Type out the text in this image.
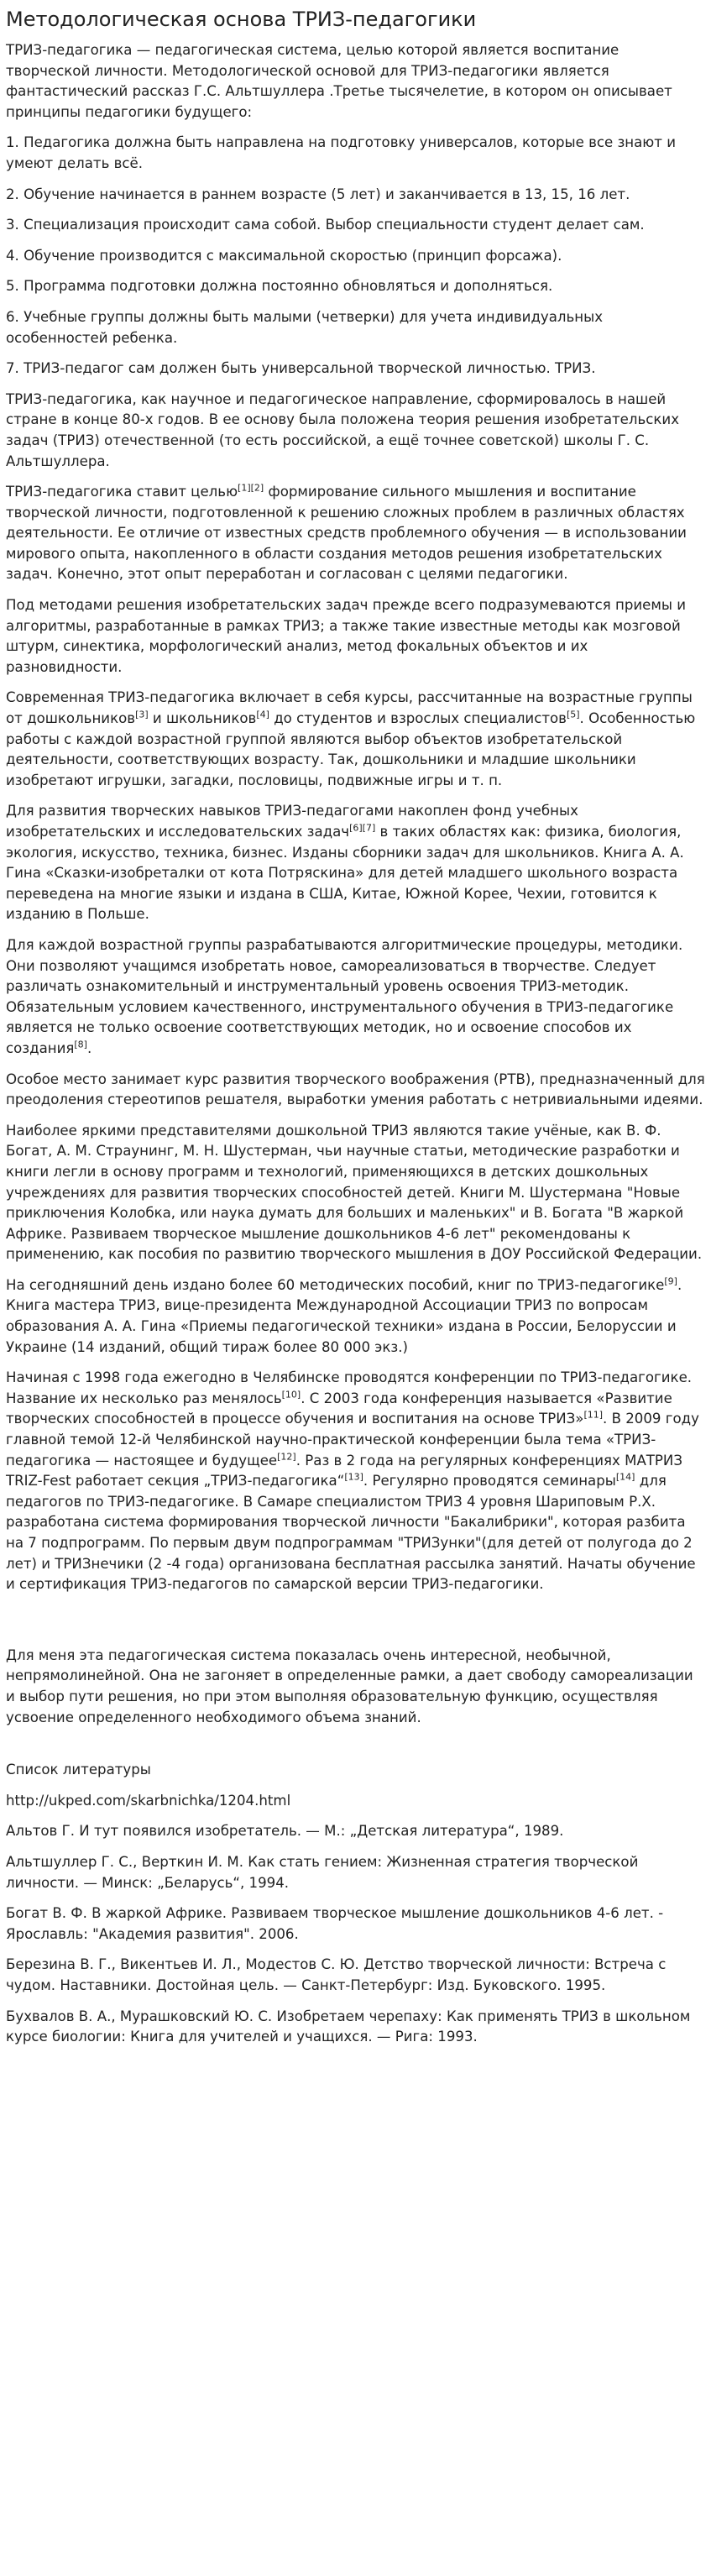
Методологическая основа ТРИЗ-педагогики

ТРИЗ-педагогика — педагогическая система, целью которой является воспитание творческой личности. Методологической основой для ТРИЗ-педагогики является фантастический рассказ Г.С. Альтшуллера .Третье тысячелетие, в котором он описывает принципы педагогики будущего:

1. Педагогика должна быть направлена на подготовку универсалов, которые все знают и умеют делать всё.

2. Обучение начинается в раннем возрасте (5 лет) и заканчивается в 13, 15, 16 лет.

3. Специализация происходит сама собой. Выбор специальности студент делает сам.

4. Обучение производится с максимальной скоростью (принцип форсажа).

5. Программа подготовки должна постоянно обновляться и дополняться.

6. Учебные группы должны быть малыми (четверки) для учета индивидуальных особенностей ребенка.

7. ТРИЗ-педагог сам должен быть универсальной творческой личностью. ТРИЗ.

ТРИЗ-педагогика, как научное и педагогическое направление, сформировалось в нашей стране в конце 80-х годов. В ее основу была положена теория решения изобретательских задач (ТРИЗ) отечественной (то есть российской, а ещё точнее советской) школы Г. С. Альтшуллера.

ТРИЗ-педагогика ставит целью[1][2] формирование сильного мышления и воспитание творческой личности, подготовленной к решению сложных проблем в различных областях деятельности. Ее отличие от известных средств проблемного обучения — в использовании мирового опыта, накопленного в области создания методов решения изобретательских задач. Конечно, этот опыт переработан и согласован с целями педагогики.

Под методами решения изобретательских задач прежде всего подразумеваются приемы и алгоритмы, разработанные в рамках ТРИЗ; а также такие известные методы как мозговой штурм, синектика, морфологический анализ, метод фокальных объектов и их разновидности.

Современная ТРИЗ-педагогика включает в себя курсы, рассчитанные на возрастные группы от дошкольников[3] и школьников[4] до студентов и взрослых специалистов[5]. Особенностью работы с каждой возрастной группой являются выбор объектов изобретательской деятельности, соответствующих возрасту. Так, дошкольники и младшие школьники изобретают игрушки, загадки, пословицы, подвижные игры и т. п.

Для развития творческих навыков ТРИЗ-педагогами накоплен фонд учебных изобретательских и исследовательских задач[6][7] в таких областях как: физика, биология, экология, искусство, техника, бизнес. Изданы сборники задач для школьников. Книга А. А. Гина «Сказки-изобреталки от кота Потряскина» для детей младшего школьного возраста переведена на многие языки и издана в США, Китае, Южной Корее, Чехии, готовится к изданию в Польше.

Для каждой возрастной группы разрабатываются алгоритмические процедуры, методики. Они позволяют учащимся изобретать новое, самореализоваться в творчестве. Следует различать ознакомительный и инструментальный уровень освоения ТРИЗ-методик. Обязательным условием качественного, инструментального обучения в ТРИЗ-педагогике является не только освоение соответствующих методик, но и освоение способов их создания[8].

Особое место занимает курс развития творческого воображения (РТВ), предназначенный для преодоления стереотипов решателя, выработки умения работать с нетривиальными идеями.

Наиболее яркими представителями дошкольной ТРИЗ являются такие учёные, как В. Ф. Богат, А. М. Страунинг, М. Н. Шустерман, чьи научные статьи, методические разработки и книги легли в основу программ и технологий, применяющихся в детских дошкольных учреждениях для развития творческих способностей детей. Книги М. Шустермана "Новые приключения Колобка, или наука думать для больших и маленьких" и В. Богата "В жаркой Африке. Развиваем творческое мышление дошкольников 4-6 лет" рекомендованы к применению, как пособия по развитию творческого мышления в ДОУ Российской Федерации.

На сегодняшний день издано более 60 методических пособий, книг по ТРИЗ-педагогике[9]. Книга мастера ТРИЗ, вице-президента Международной Ассоциации ТРИЗ по вопросам образования А. А. Гина «Приемы педагогической техники» издана в России, Белоруссии и Украине (14 изданий, общий тираж более 80 000 экз.)

Начиная с 1998 года ежегодно в Челябинске проводятся конференции по ТРИЗ-педагогике. Название их несколько раз менялось[10]. С 2003 года конференция называется «Развитие творческих способностей в процессе обучения и воспитания на основе ТРИЗ»[11]. В 2009 году главной темой 12-й Челябинской научно-практической конференции была тема «ТРИЗ-педагогика — настоящее и будущее[12]. Раз в 2 года на регулярных конференциях МАТРИЗ TRIZ-Fest работает секция „ТРИЗ-педагогика“[13]. Регулярно проводятся семинары[14] для педагогов по ТРИЗ-педагогике. В Самаре специалистом ТРИЗ 4 уровня Шариповым Р.Х. разработана система формирования творческой личности "Бакалибрики", которая разбита на 7 подпрограмм. По первым двум подпрограммам "ТРИЗунки"(для детей от полугода до 2 лет) и ТРИЗнечики (2 -4 года) организована бесплатная рассылка занятий. Начаты обучение и сертификация ТРИЗ-педагогов по самарской версии ТРИЗ-педагогики.

Для меня эта педагогическая система показалась очень интересной, необычной, непрямолинейной. Она не загоняет в определенные рамки, а дает свободу самореализации и выбор пути решения, но при этом выполняя образовательную функцию, осуществляя усвоение определенного необходимого объема знаний.

Список литературы

http://ukped.com/skarbnichka/1204.html

Альтов Г. И тут появился изобретатель. — М.: „Детская литература“, 1989.

Альтшуллер Г. С., Верткин И. М. Как стать гением: Жизненная стратегия творческой личности. — Минск: „Беларусь“, 1994.

Богат В. Ф. В жаркой Африке. Развиваем творческое мышление дошкольников 4-6 лет. - Ярославль: "Академия развития". 2006.

Березина В. Г., Викентьев И. Л., Модестов С. Ю. Детство творческой личности: Встреча с чудом. Наставники. Достойная цель. — Санкт-Петербург: Изд. Буковского. 1995.

Бухвалов В. А., Мурашковский Ю. С. Изобретаем черепаху: Как применять ТРИЗ в школьном курсе биологии: Книга для учителей и учащихся. — Рига: 1993.
